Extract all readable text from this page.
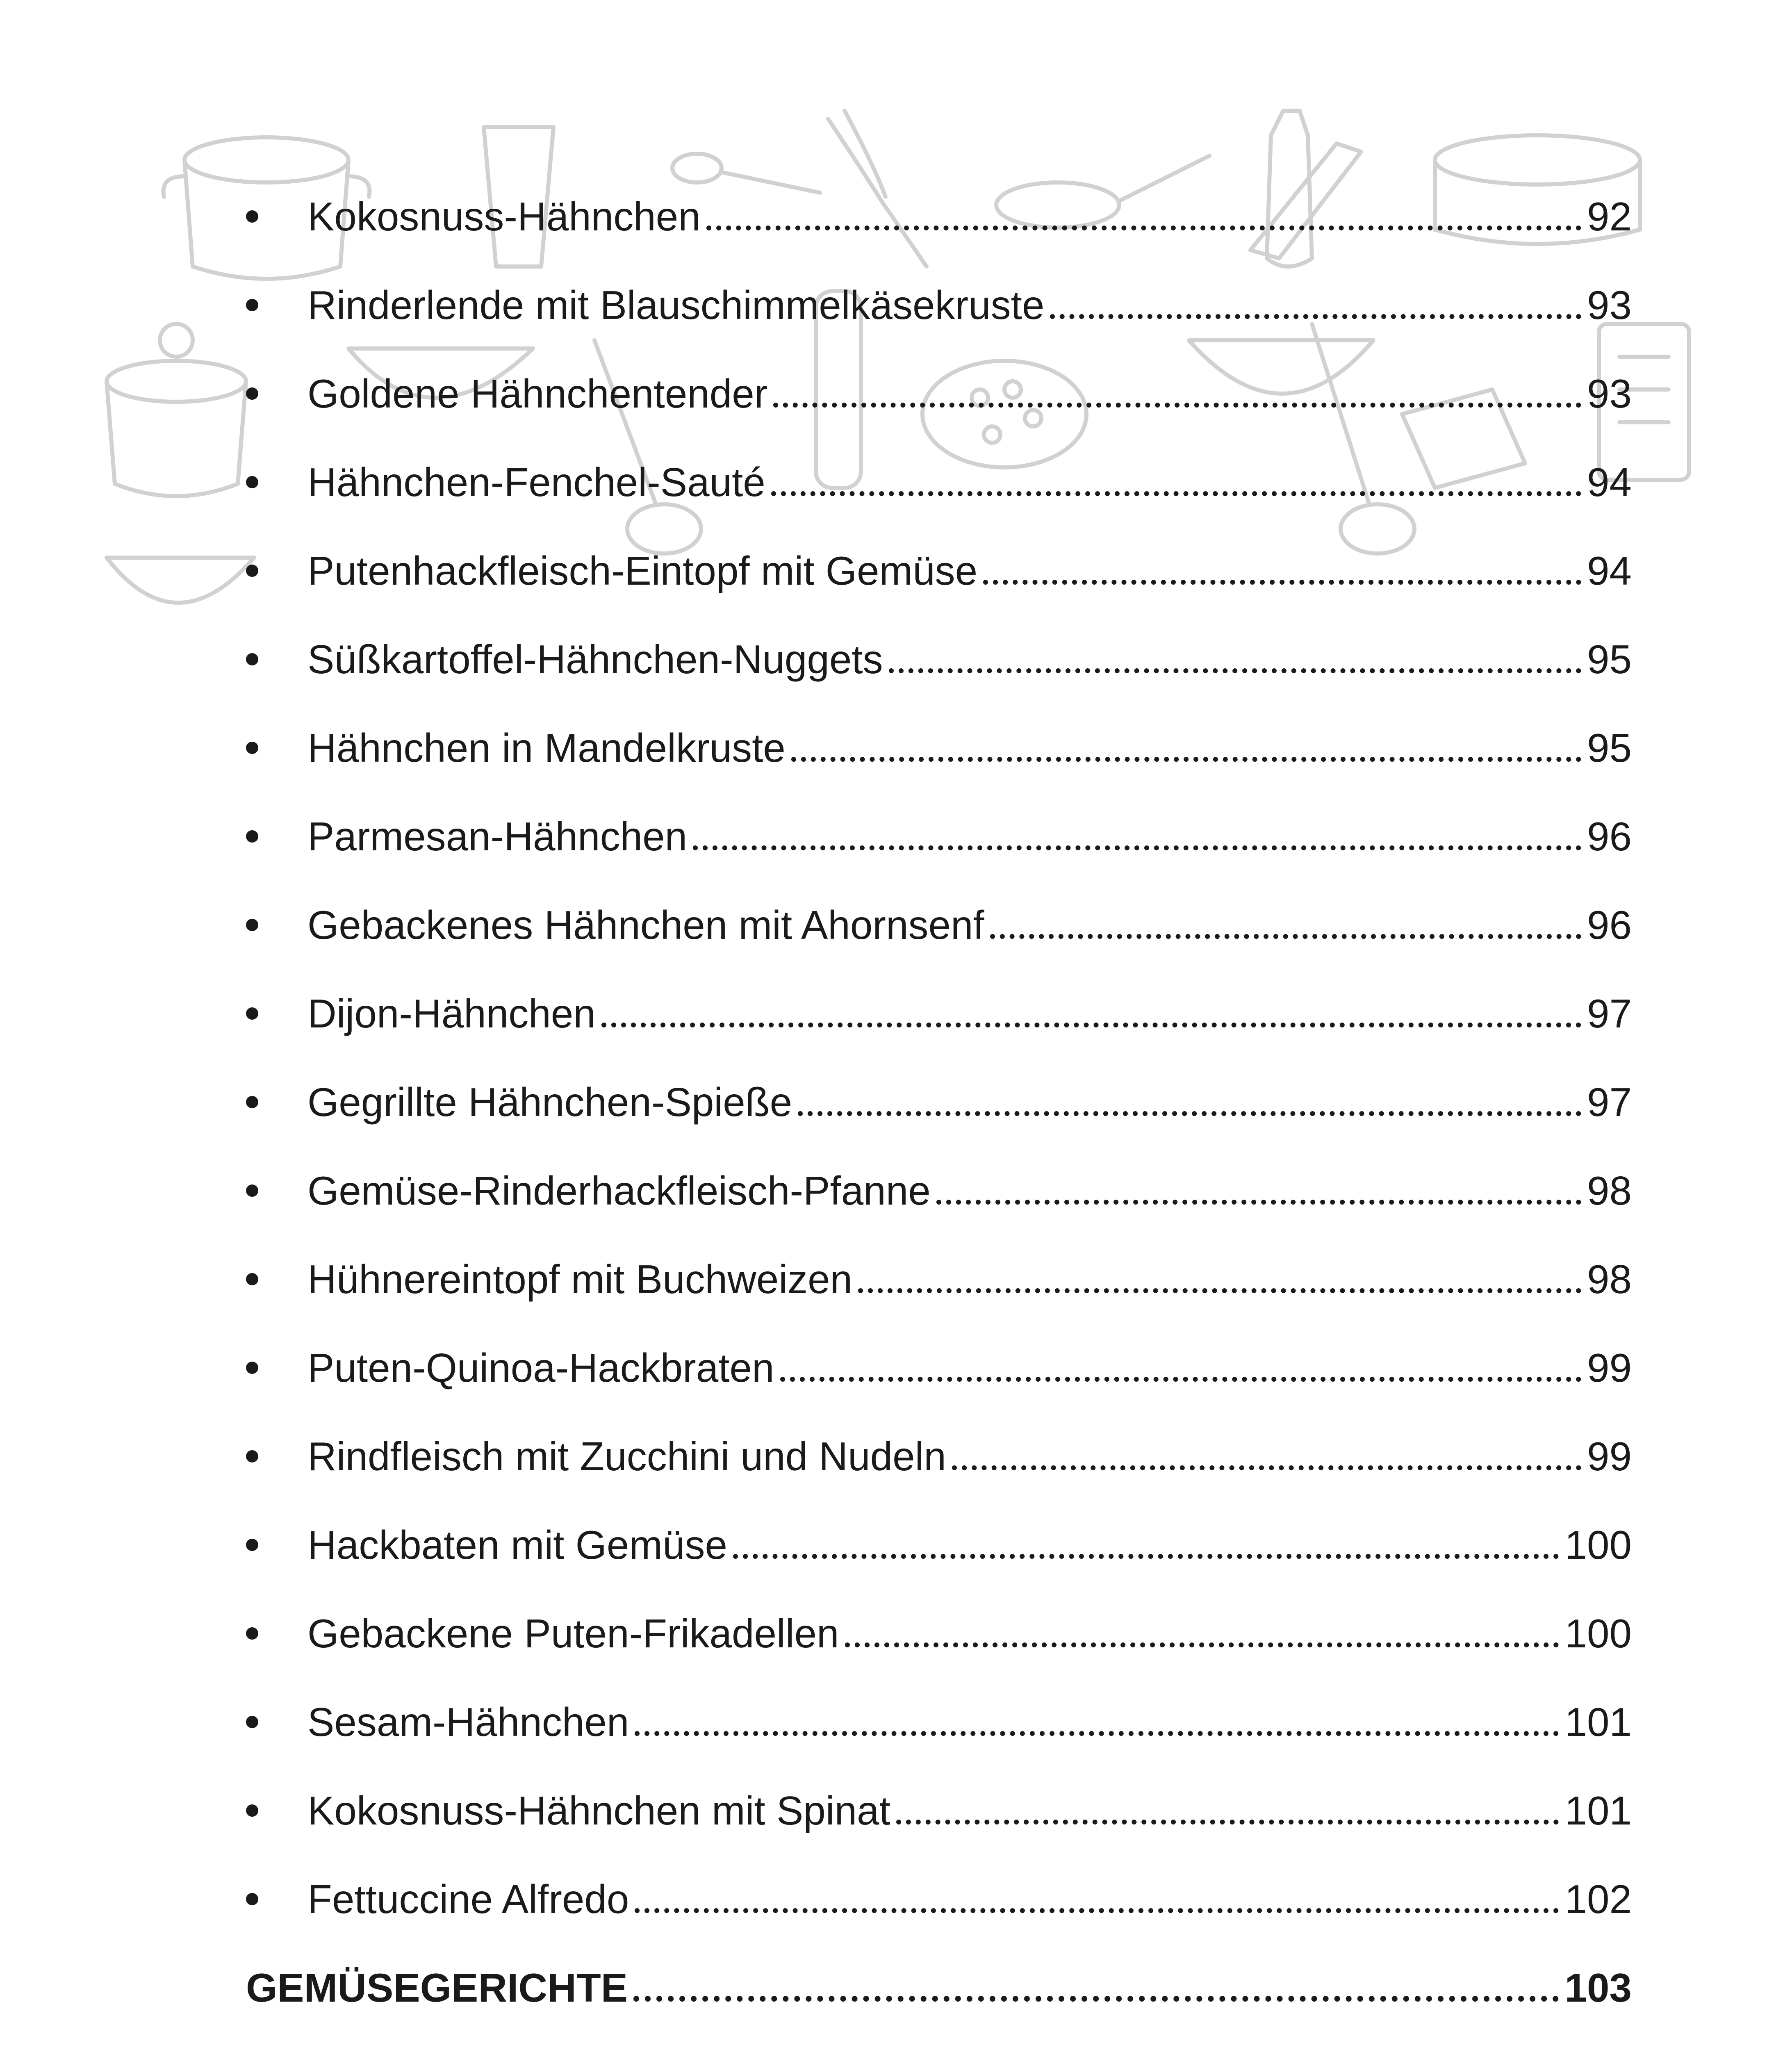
Kokosnuss-Hähnchen	92
Rinderlende mit Blauschimmelkäsekruste	93
Goldene Hähnchentender	93
Hähnchen-Fenchel-Sauté	94
Putenhackfleisch-Eintopf mit Gemüse	94
Süßkartoffel-Hähnchen-Nuggets	95
Hähnchen in Mandelkruste	95
Parmesan-Hähnchen	96
Gebackenes Hähnchen mit Ahornsenf	96
Dijon-Hähnchen	97
Gegrillte Hähnchen-Spieße	97
Gemüse-Rinderhackfleisch-Pfanne	98
Hühnereintopf mit Buchweizen	98
Puten-Quinoa-Hackbraten	99
Rindfleisch mit Zucchini und Nudeln	99
Hackbaten mit Gemüse	100
Gebackene Puten-Frikadellen	100
Sesam-Hähnchen	101
Kokosnuss-Hähnchen mit Spinat	101
Fettuccine Alfredo	102
GEMÜSEGERICHTE	103
